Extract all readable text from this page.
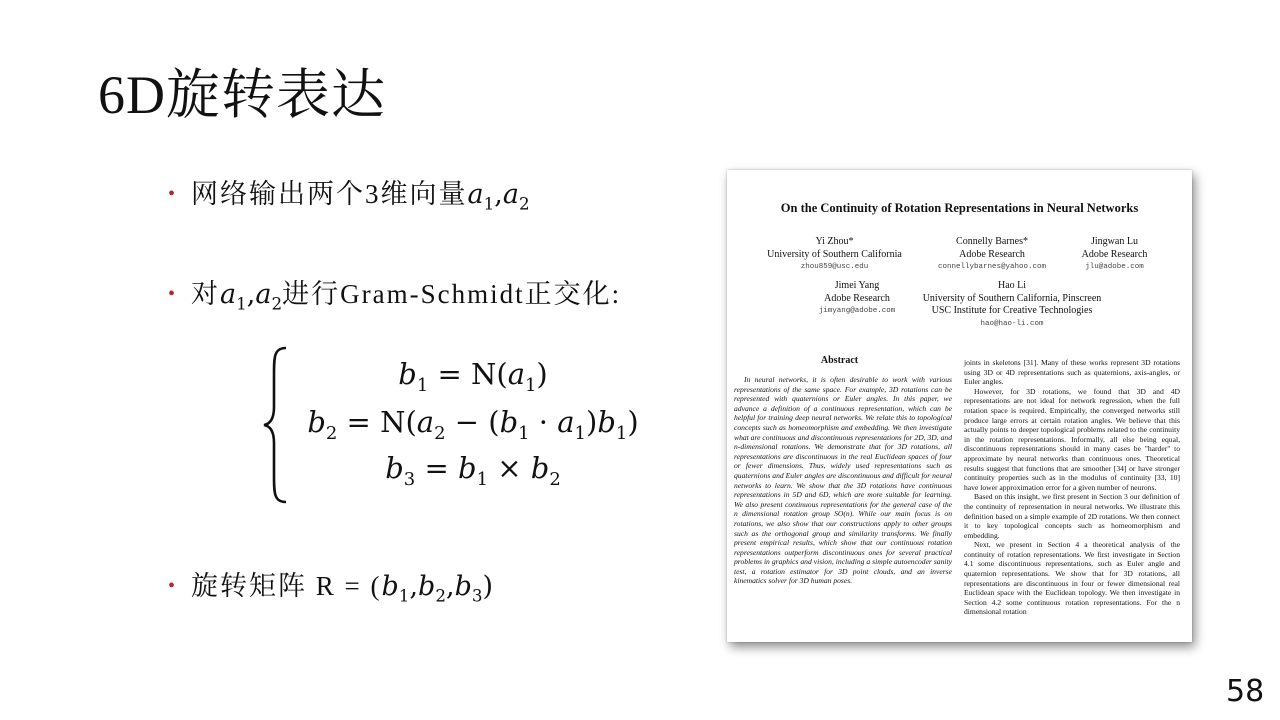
6D旋转表达
• 网络输出两个3维向量 $a_1$ , $a_2$
• 对 $a_1$ , $a_2$ 进行Gram-Schmidt正交化:
$b_1 = N(a_1)$
$b_2 = N(a_2 - (b_1 \cdot a_1)b_1)$
$b_3 = b_1 \times b_2$
• 旋转矩阵 R = ( $b_1$ , $b_2$ , $b_3$ )
On the Continuity of Rotation Representations in Neural Networks
Yi Zhou*
University of Southern California
zhou859@usc.edu
Connelly Barnes*
Adobe Research
connellybarnes@yahoo.com
Jingwan Lu
Adobe Research
jlu@adobe.com
Jimei Yang
Adobe Research
jimyang@adobe.com
Hao Li
University of Southern California, Pinscreen
USC Institute for Creative Technologies
hao@hao-li.com
Abstract

In neural networks, it is often desirable to work with various representations of the same space. For example, 3D rotations can be represented with quaternions or Euler angles. In this paper, we advance a definition of a continuous representation, which can be helpful for training deep neural networks. We relate this to topological concepts such as homeomorphism and embedding. We then investigate what are continuous and discontinuous representations for 2D, 3D, and n-dimensional rotations. We demonstrate that for 3D rotations, all representations are discontinuous in the real Euclidean spaces of four or fewer dimensions. Thus, widely used representations such as quaternions and Euler angles are discontinuous and difficult for neural networks to learn. We show that the 3D rotations have continuous representations in 5D and 6D, which are more suitable for learning. We also present continuous representations for the general case of the n dimensional rotation group SO(n). While our main focus is on rotations, we also show that our constructions apply to other groups such as the orthogonal group and similarity transforms. We finally present empirical results, which show that our continuous rotation representations outperform discontinuous ones for several practical problems in graphics and vision, including a simple autoencoder sanity test, a rotation estimator for 3D point clouds, and an inverse kinematics solver for 3D human poses.

joints in skeletons [31]. Many of these works represent 3D rotations using 3D or 4D representations such as quaternions, axis-angles, or Euler angles.

However, for 3D rotations, we found that 3D and 4D representations are not ideal for network regression, when the full rotation space is required. Empirically, the converged networks still produce large errors at certain rotation angles. We believe that this actually points to deeper topological problems related to the continuity in the rotation representations. Informally, all else being equal, discontinuous representations should in many cases be "harder" to approximate by neural networks than continuous ones. Theoretical results suggest that functions that are smoother [34] or have stronger continuity properties such as in the modulus of continuity [33, 10] have lower approximation error for a given number of neurons.

Based on this insight, we first present in Section 3 our definition of the continuity of representation in neural networks. We illustrate this definition based on a simple example of 2D rotations. We then connect it to key topological concepts such as homeomorphism and embedding.

Next, we present in Section 4 a theoretical analysis of the continuity of rotation representations. We first investigate in Section 4.1 some discontinuous representations, such as Euler angle and quaternion representations. We show that for 3D rotations, all representations are discontinuous in four or fewer dimensional real Euclidean space with the Euclidean topology. We then investigate in Section 4.2 some continuous rotation representations. For the n dimensional rotation

58
